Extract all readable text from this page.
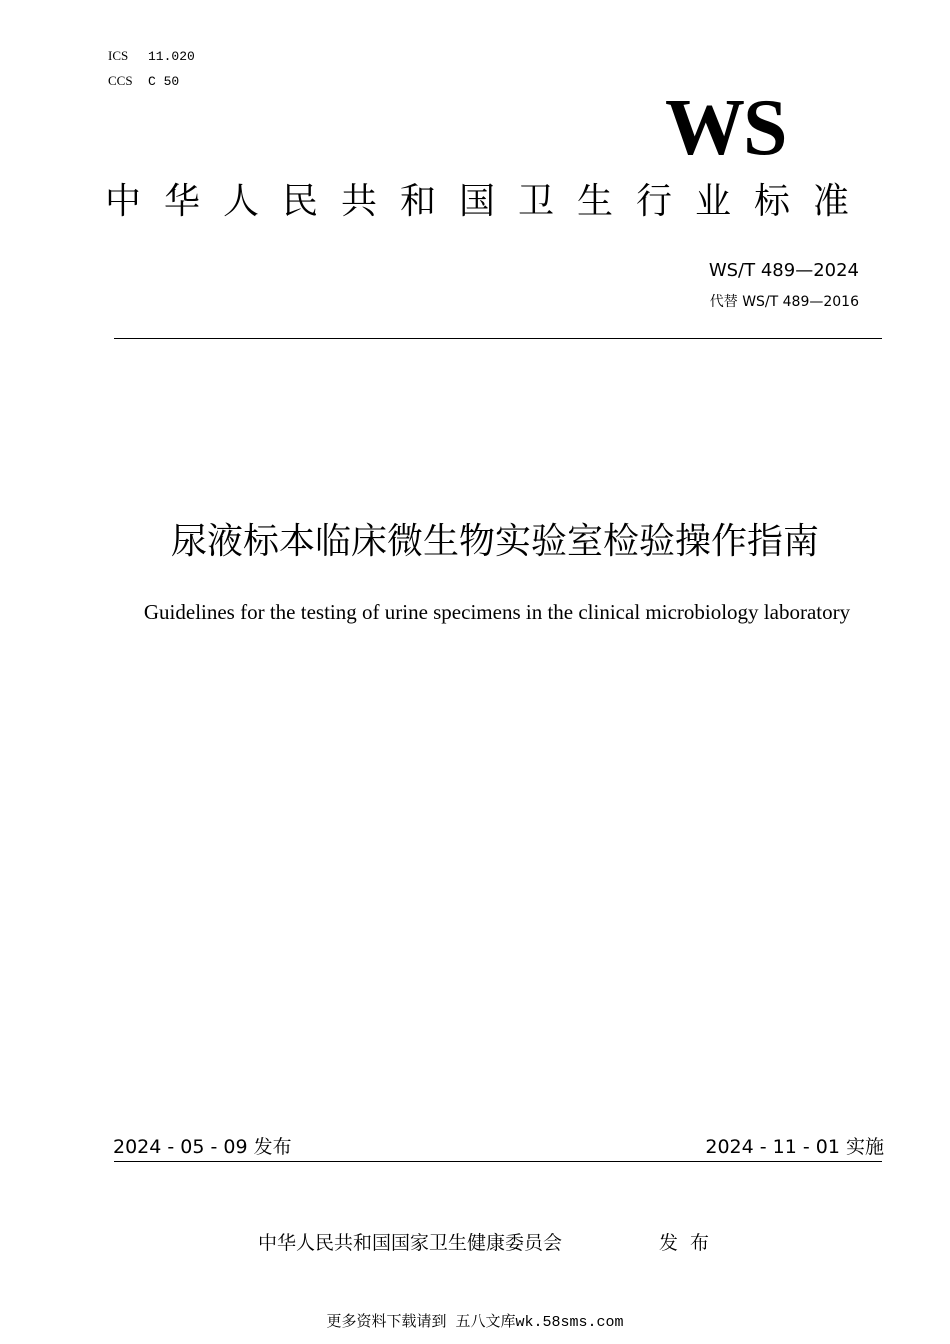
ICS 11.020
CCS C 50
WS
中华人民共和国卫生行业标准
WS/T 489—2024
代替 WS/T 489—2016
尿液标本临床微生物实验室检验操作指南
Guidelines for the testing of urine specimens in the clinical microbiology laboratory
2024 - 05 - 09 发布	2024 - 11 - 01 实施
中华人民共和国国家卫生健康委员会	发布
更多资料下载请到 五八文库wk.58sms.com
